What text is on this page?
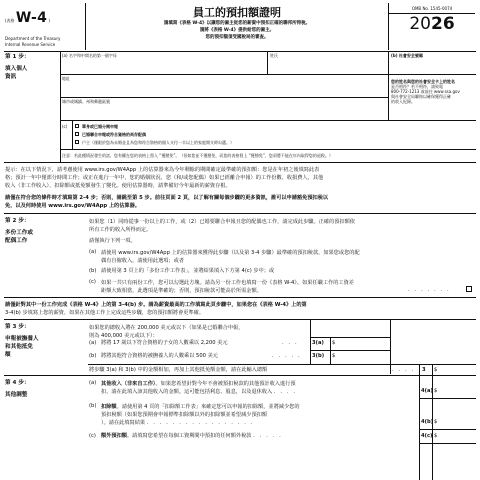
(表格 W-4 )
Department of the Treasury
Internal Revenue Service
員工的預扣額證明
請填寫《表格 W-4》以讓您的僱主從您的薪資中預扣正確的聯邦所得稅。
請將《表格 W-4》提供給您的僱主。
您的預扣額須受國稅局的審查。
OMB No. 1545-0074
2026
第 1 步：
填入個人
資訊
(a) 名字和中間名的第一個字母	姓氏	(b) 社會安全號碼
地址
城市或城鎮、州和郵遞區號
您的姓名與您的社會安全卡上的姓名
是否相符？若不相符，請致電
800-772-1213 或前往 www.ssa.gov
與社會安全局聯絡以確保獲得正確
的收入紀錄。
(c)	單身或已婚分開申報
已婚聯合申報或符合資格的尚存配偶
戶主（僅限於您為未婚並且為您和符合資格的個人支付一半以上的家庭開支時勾選。）
注意：若此種情況發生的話，您有權在您的表格上寫入 “獲豁免”。（但如您並不獲豁免，而您的表格寫上 “獲豁免”，您須將不能在年內取得您的退稅。）
提示：在以下情況下，請考慮使用 www.irs.gov/W4App 上的估算器來為今年剩餘的期間確定最準確的預扣額：您是在年初之後填寫此表
格；預計一年中僅部分時間工作；或正在進行一年中，您的婚姻狀況、您（和/或您配偶）如果已經離合申報）的工作份數、收損費人，其他
收入（非工作收入）、扣除額或抵免額發生了變化。使用估算器時，請準備好今年最新的薪資存根。
請僅在符合您的條件時才填寫第 2-4 步；否則，請跳至第 5 步。前往頁面 2 頁，以了解有關每個步驟的更多資訊，誰可以申請豁免預扣稅以
免，以及何時使用 www.irs.gov/W4App 上的估算器。
第 2 步：
多份工作或
配偶工作
如果您（1）同時從事一份以上的工作，或（2）已婚要聯合申報且您的配偶也工作，請完成此步驟。正確的預扣額依
所有工作的收入所得而定。
請僅執行下列一項。
(a) 請使用 www.irs.gov/W4App 上的估算器來獲得此步驟（以及第 3-4 步驟）最準確的預扣稅款，如果您或您的配
偶有自僱收入，請使用此選項；或者
(b) 請使用第 3 頁上的「多份工作工作表」，並將結果填入下方第 4(c) 步中；或
(c) 如果一共只有兩份工作，您可以勾選此方塊。請為另一份工作也填寫一份《表格 W-4》。如果任職工作的工資差
距額大致相當，此選項是準確的；否則，預扣稅款可能高於所需金額。	. . . . . . .
請僅針對其中一份工作完成《表格 W-4》上的第 3-4(b) 步。請為薪資最高的工作填寫此頁步驟中，如果您在《表格 W-4》上的第
3-4(b) 步填寫上您的薪資，如果在其他工作上完成這些步驟，您的預扣額將會更準確。
第 3 步：
申報被撫養人
和其他抵免
額
如果您的總收入將在 200,000 美元或以下（如果是已婚聯合申報，
則為 400,000 美元或以下）：
(a) 將將 17 歲以下符合資格的子女的人數乘以 2,200 美元	. . .	3(a) $
(b) 將將其他符合資格的被撫養人的人數乘以 500 美元	. . . . . 3(b) $
將步驟 3(a) 和 3(b) 中的金額相加，再加上其他抵免額金額，請在此輸入總額	. . . . 3 $
第 4 步：
其他調整
(a) 其他收入（非來自工作）。如果您希望針對今年不會被預扣稅款的其他預計收入進行預
扣，請在此填入該其他收入的金額。這可能包括利息、股息，以及退休收入 . . . .	4(a) $
(b) 扣除額。請使用第 4 頁的「扣除額工作表」來確定您可以申報的扣除額，並將減少您的
預扣稅額（如果您預期會申報標準扣除額以外的扣除額並希望減少預扣額
）。請在此填寫結果 . . . . . . . . . . . . . . . . .	4(b) $
(c) 額外預扣額。請填寫您希望在每個工資期間中預扣的任何額外稅款 . . . . .	4(c) $
